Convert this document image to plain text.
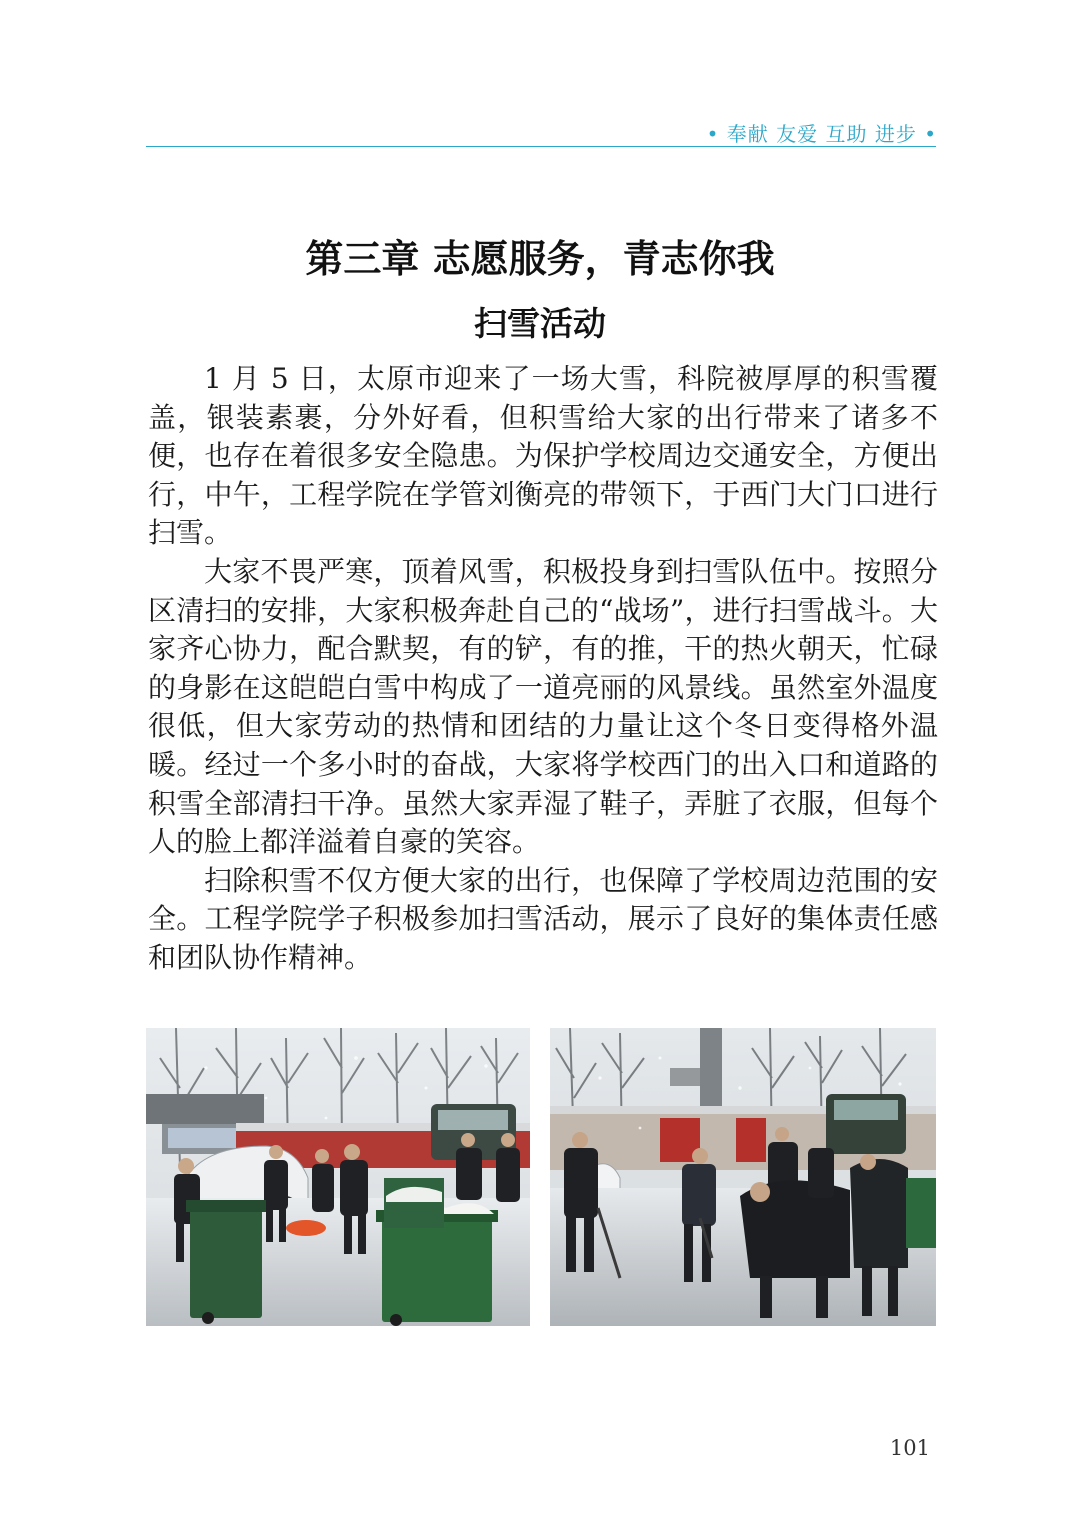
• 奉献 友爱 互助 进步 •
第三章 志愿服务，青志你我
扫雪活动

1 月 5 日，太原市迎来了一场大雪，科院被厚厚的积雪覆盖，银装素裹，分外好看，但积雪给大家的出行带来了诸多不便，也存在着很多安全隐患。为保护学校周边交通安全，方便出行，中午，工程学院在学管刘衡亮的带领下，于西门大门口进行扫雪。

大家不畏严寒，顶着风雪，积极投身到扫雪队伍中。按照分区清扫的安排，大家积极奔赴自己的“战场”，进行扫雪战斗。大家齐心协力，配合默契，有的铲，有的推，干的热火朝天，忙碌的身影在这皑皑白雪中构成了一道亮丽的风景线。虽然室外温度很低，但大家劳动的热情和团结的力量让这个冬日变得格外温暖。经过一个多小时的奋战，大家将学校西门的出入口和道路的积雪全部清扫干净。虽然大家弄湿了鞋子，弄脏了衣服，但每个人的脸上都洋溢着自豪的笑容。

扫除积雪不仅方便大家的出行，也保障了学校周边范围的安全。工程学院学子积极参加扫雪活动，展示了良好的集体责任感和团队协作精神。

101
